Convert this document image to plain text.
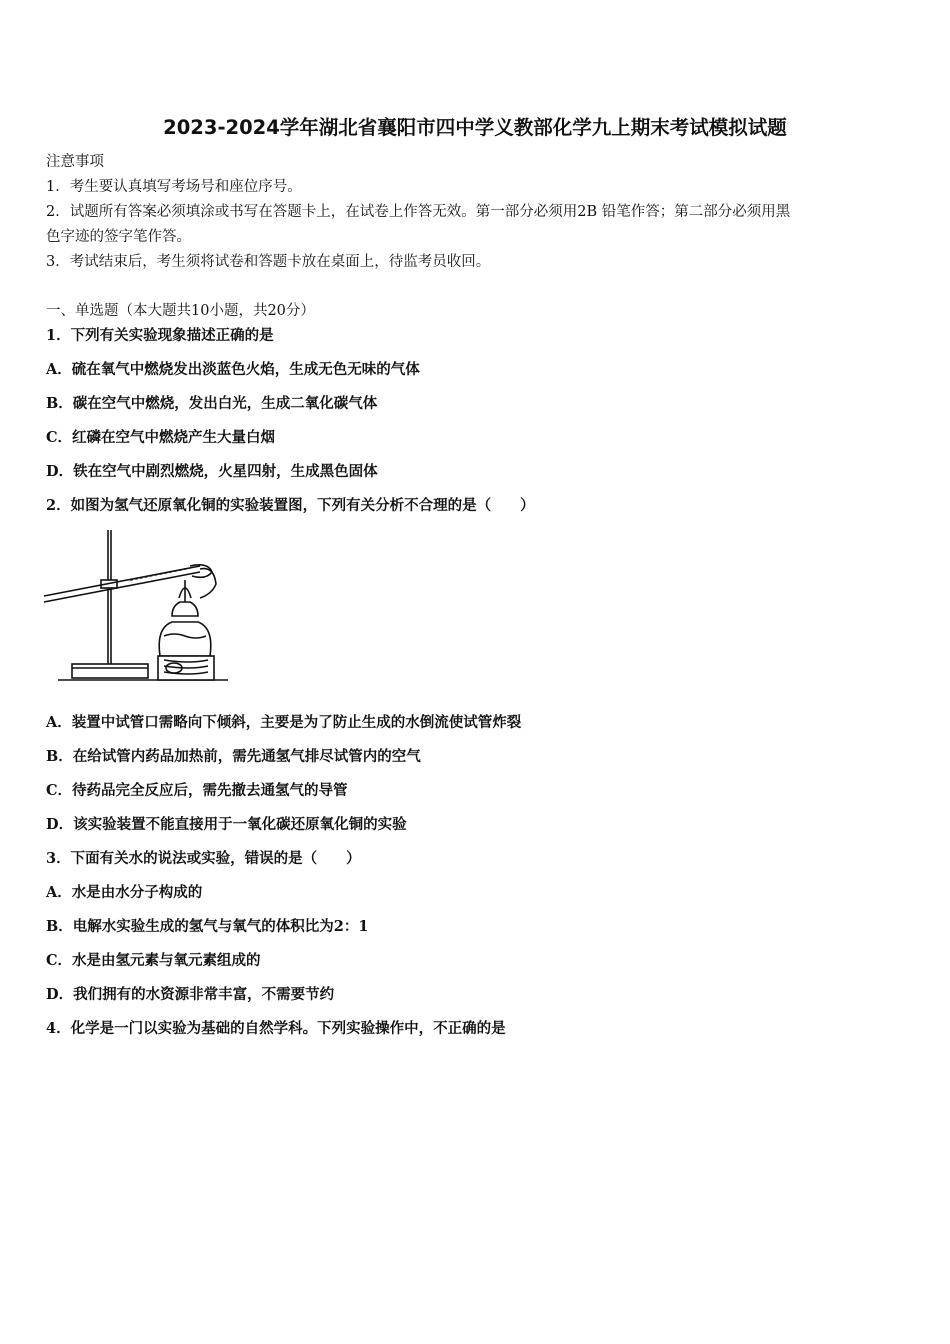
2023-2024学年湖北省襄阳市四中学义教部化学九上期末考试模拟试题
注意事项
1．考生要认真填写考场号和座位序号。
2．试题所有答案必须填涂或书写在答题卡上，在试卷上作答无效。第一部分必须用2B 铅笔作答；第二部分必须用黑
色字迹的签字笔作答。
3．考试结束后，考生须将试卷和答题卡放在桌面上，待监考员收回。
一、单选题（本大题共10小题，共20分）
1．下列有关实验现象描述正确的是
A．硫在氧气中燃烧发出淡蓝色火焰，生成无色无味的气体
B．碳在空气中燃烧，发出白光，生成二氧化碳气体
C．红磷在空气中燃烧产生大量白烟
D．铁在空气中剧烈燃烧，火星四射，生成黑色固体
2．如图为氢气还原氧化铜的实验装置图，下列有关分析不合理的是（　　）
A．装置中试管口需略向下倾斜，主要是为了防止生成的水倒流使试管炸裂
B．在给试管内药品加热前，需先通氢气排尽试管内的空气
C．待药品完全反应后，需先撤去通氢气的导管
D．该实验装置不能直接用于一氧化碳还原氧化铜的实验
3．下面有关水的说法或实验，错误的是（　　）
A．水是由水分子构成的
B．电解水实验生成的氢气与氧气的体积比为2：1
C．水是由氢元素与氧元素组成的
D．我们拥有的水资源非常丰富，不需要节约
4．化学是一门以实验为基础的自然学科。下列实验操作中，不正确的是
